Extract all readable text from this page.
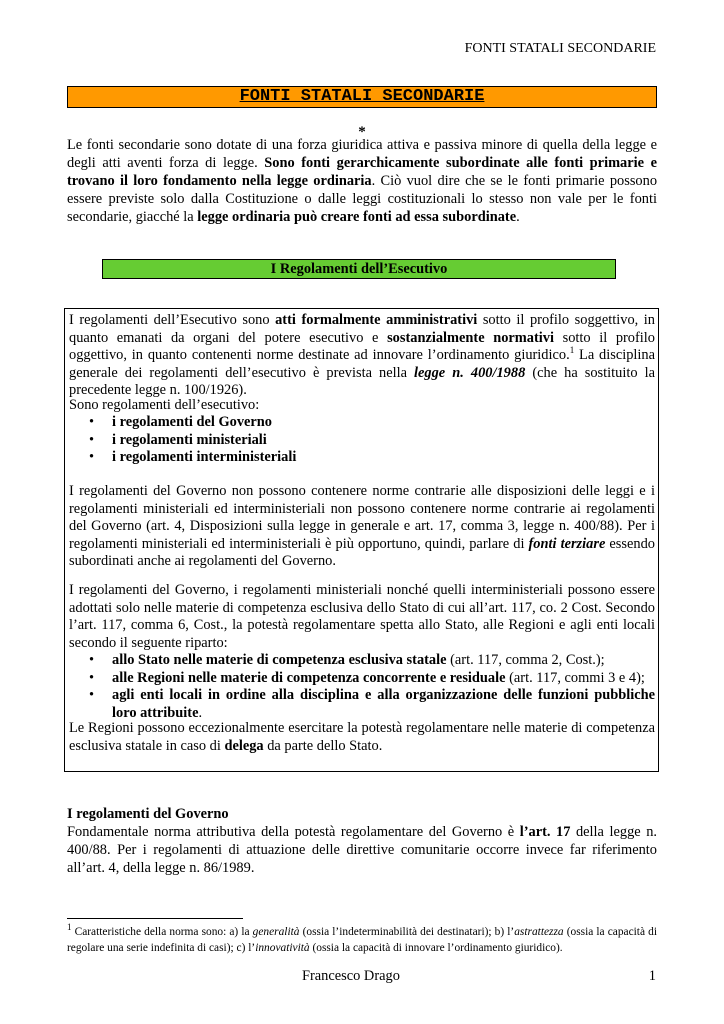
FONTI STATALI SECONDARIE
FONTI STATALI SECONDARIE
*

Le fonti secondarie sono dotate di una forza giuridica attiva e passiva minore di quella della legge e degli atti aventi forza di legge. Sono fonti gerarchicamente subordinate alle fonti primarie e trovano il loro fondamento nella legge ordinaria. Ciò vuol dire che se le fonti primarie possono essere previste solo dalla Costituzione o dalle leggi costituzionali lo stesso non vale per le fonti secondarie, giacché la legge ordinaria può creare fonti ad essa subordinate.

I Regolamenti dell’Esecutivo

I regolamenti dell’Esecutivo sono atti formalmente amministrativi sotto il profilo soggettivo, in quanto emanati da organi del potere esecutivo e sostanzialmente normativi sotto il profilo oggettivo, in quanto contenenti norme destinate ad innovare l’ordinamento giuridico.$^1$ La disciplina generale dei regolamenti dell’esecutivo è prevista nella legge n. 400/1988 (che ha sostituito la precedente legge n. 100/1926).

Sono regolamenti dell’esecutivo:

• i regolamenti del Governo
• i regolamenti ministeriali
• i regolamenti interministeriali

I regolamenti del Governo non possono contenere norme contrarie alle disposizioni delle leggi e i regolamenti ministeriali ed interministeriali non possono contenere norme contrarie ai regolamenti del Governo (art. 4, Disposizioni sulla legge in generale e art. 17, comma 3, legge n. 400/88). Per i regolamenti ministeriali ed interministeriali è più opportuno, quindi, parlare di fonti terziare essendo subordinati anche ai regolamenti del Governo.

I regolamenti del Governo, i regolamenti ministeriali nonché quelli interministeriali possono essere adottati solo nelle materie di competenza esclusiva dello Stato di cui all’art. 117, co. 2 Cost. Secondo l’art. 117, comma 6, Cost., la potestà regolamentare spetta allo Stato, alle Regioni e agli enti locali secondo il seguente riparto:

• allo Stato nelle materie di competenza esclusiva statale (art. 117, comma 2, Cost.);
• alle Regioni nelle materie di competenza concorrente e residuale (art. 117, commi 3 e 4);
• agli enti locali in ordine alla disciplina e alla organizzazione delle funzioni pubbliche loro attribuite.

Le Regioni possono eccezionalmente esercitare la potestà regolamentare nelle materie di competenza esclusiva statale in caso di delega da parte dello Stato.

I regolamenti del Governo
Fondamentale norma attributiva della potestà regolamentare del Governo è l’art. 17 della legge n. 400/88. Per i regolamenti di attuazione delle direttive comunitarie occorre invece far riferimento all’art. 4, della legge n. 86/1989.

$^1$ Caratteristiche della norma sono: a) la generalità (ossia l’indeterminabilità dei destinatari); b) l’astrattezza (ossia la capacità di regolare una serie indefinita di casi); c) l’innovatività (ossia la capacità di innovare l’ordinamento giuridico).

Francesco Drago	1
